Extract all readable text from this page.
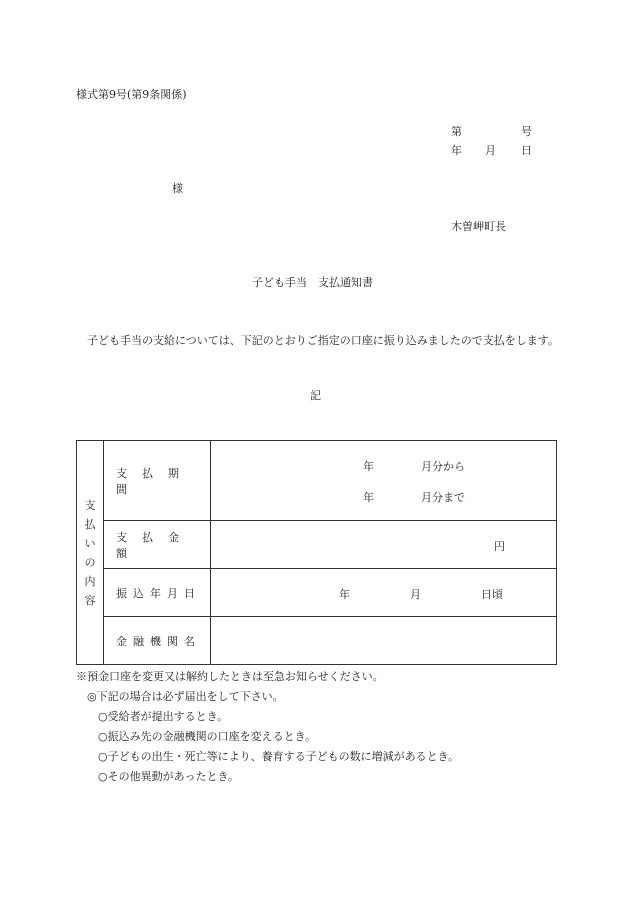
様式第9号(第9条関係)
第	号
年 月 日
様
木曽岬町長
子ども手当　支払通知書
子ども手当の支給については、下記のとおりご指定の口座に振り込みましたので支払をします。
記
支払いの内容	支払期間	年 月分から
年 月分まで

	支払金額	円

	振込年月日	年 月 日頃

	金融機関名	
※預金口座を変更又は解約したときは至急お知らせください。
◎下記の場合は必ず届出をして下さい。
○受給者が提出するとき。
○振込み先の金融機関の口座を変えるとき。
○子どもの出生・死亡等により、養育する子どもの数に増減があるとき。
○その他異動があったとき。
